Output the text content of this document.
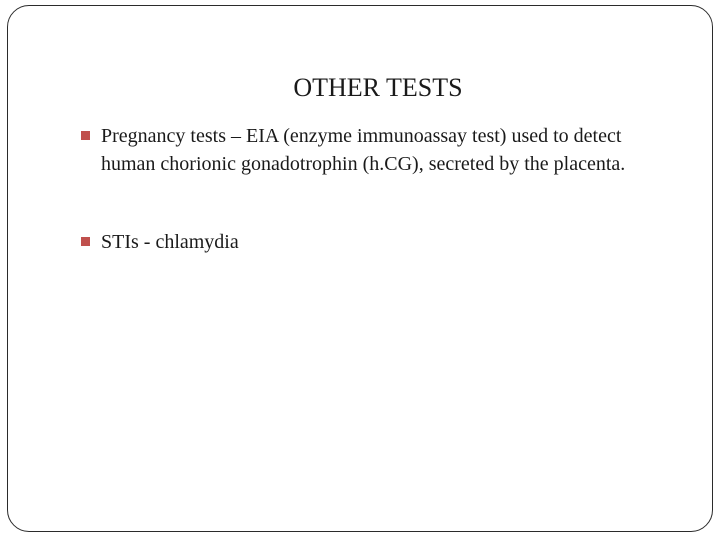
OTHER TESTS
Pregnancy tests – EIA (enzyme immunoassay test) used to detect human chorionic gonadotrophin (h.CG), secreted by the placenta.
STIs - chlamydia
